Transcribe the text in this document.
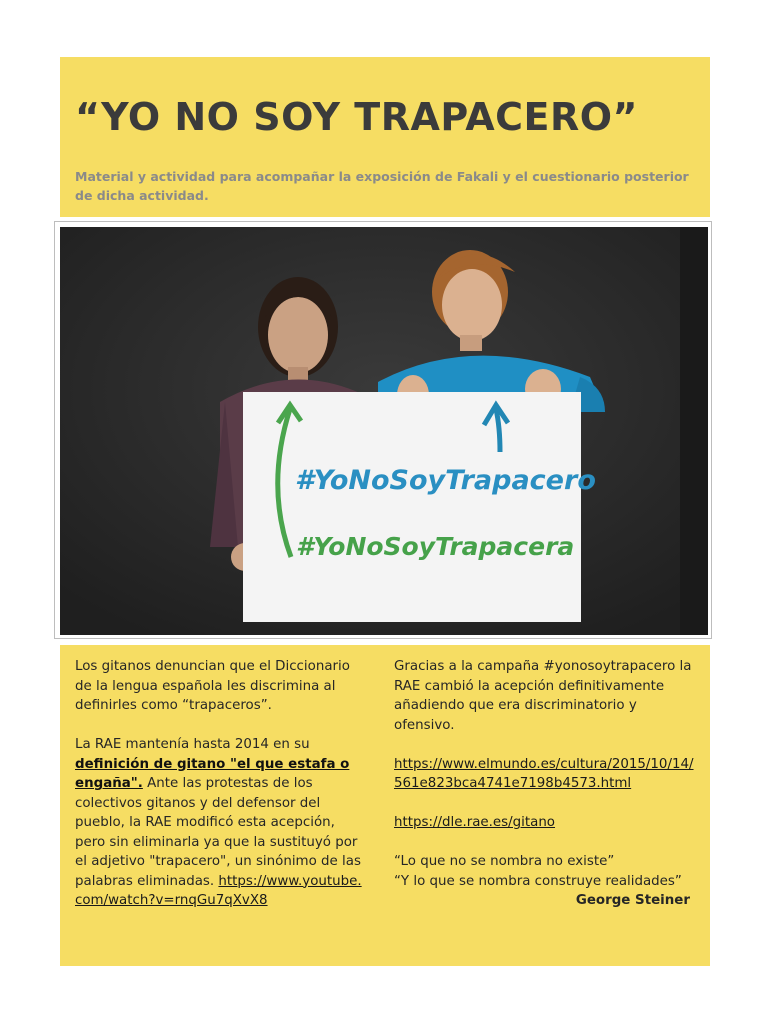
“YO NO SOY TRAPACERO”

Material y actividad para acompañar la exposición de Fakali y el cuestionario posterior de dicha actividad.

#YoNoSoyTrapacero
#YoNoSoyTrapacera

Los gitanos denuncian que el Diccionario de la lengua española les discrimina al definirles como “trapaceros”.

La RAE mantenía hasta 2014 en su definición de gitano "el que estafa o engaña". Ante las protestas de los colectivos gitanos y del defensor del pueblo, la RAE modificó esta acepción, pero sin eliminarla ya que la sustituyó por el adjetivo "trapacero", un sinónimo de las palabras eliminadas. https://www.youtube.com/watch?v=rnqGu7qXvX8

Gracias a la campaña #yonosoytrapacero la RAE cambió la acepción definitivamente añadiendo que era discriminatorio y ofensivo.

https://www.elmundo.es/cultura/2015/10/14/561e823bca4741e7198b4573.html

https://dle.rae.es/gitano

“Lo que no se nombra no existe”
“Y lo que se nombra construye realidades”
George Steiner
